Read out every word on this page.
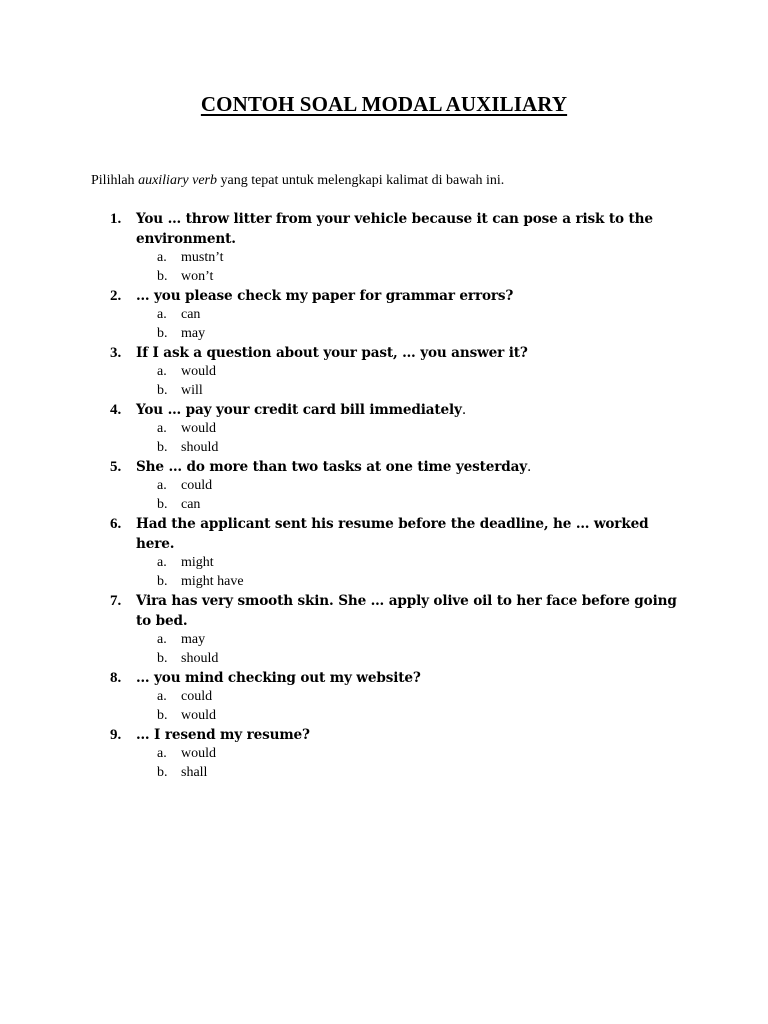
CONTOH SOAL MODAL AUXILIARY
Pilihlah auxiliary verb yang tepat untuk melengkapi kalimat di bawah ini.
1. You … throw litter from your vehicle because it can pose a risk to the environment.
a. mustn’t
b. won’t
2. … you please check my paper for grammar errors?
a. can
b. may
3. If I ask a question about your past, … you answer it?
a. would
b. will
4. You … pay your credit card bill immediately.
a. would
b. should
5. She … do more than two tasks at one time yesterday.
a. could
b. can
6. Had the applicant sent his resume before the deadline, he … worked here.
a. might
b. might have
7. Vira has very smooth skin. She … apply olive oil to her face before going to bed.
a. may
b. should
8. … you mind checking out my website?
a. could
b. would
9. … I resend my resume?
a. would
b. shall
